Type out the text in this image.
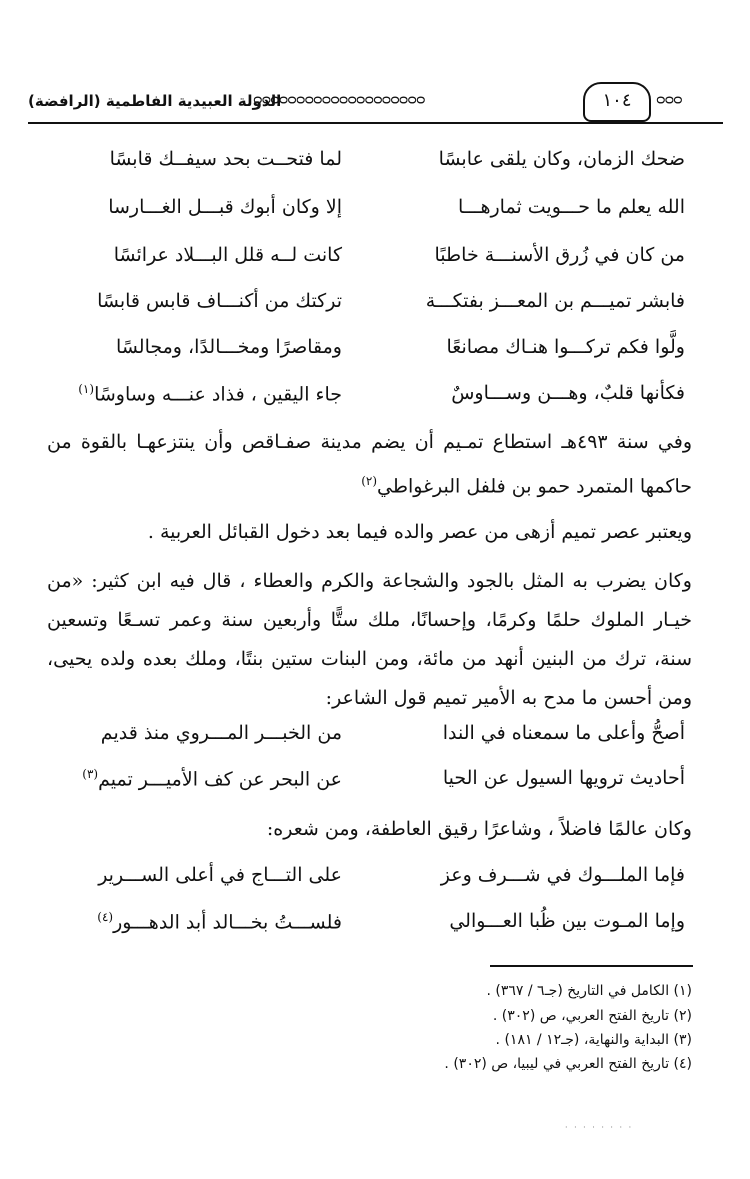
الدولة العبيدية الفاطمية (الرافضة)
ᴑᴑᴑᴑᴑᴑᴑᴑᴑᴑᴑᴑᴑᴑᴑᴑᴑᴑᴑᴑ	١٠٤	ᴑᴑᴑ
ضحك الزمان، وكان يلقى عابسًا
لما فتحــت بحد سيفــك قابسًا
الله يعلم ما حـــويت ثمارهـــا
إلا وكان أبوك قبـــل الغـــارسا
من كان في زُرق الأسنـــة خاطبًا
كانت لــه قلل البـــلاد عرائسًا
فابشر تميـــم بن المعـــز بفتكـــة
تركتك من أكنـــاف قابس قابسًا
ولَّوا فكم تركـــوا هنـاك مصانعًا
ومقاصرًا ومخـــالدًا، ومجالسًا
فكأنها قلبٌ، وهـــن وســـاوسٌ
جاء اليقين ، فذاد عنـــه وساوسًا$^{(١)}$
وفي سنة ٤٩٣هـ استطاع تمـيم أن يضم مدينة صفـاقص وأن ينتزعهـا بالقوة من حاكمها المتمرد حمو بن فلفل البرغواطي$^{(٢)}$
ويعتبر عصر تميم أزهى من عصر والده فيما بعد دخول القبائل العربية .
وكان يضرب به المثل بالجود والشجاعة والكرم والعطاء ، قال فيه ابن كثير: «من خيـار الملوك حلمًا وكرمًا، وإحسانًا، ملك ستًّا وأربعين سنة وعمر تسـعًا وتسعين سنة، ترك من البنين أنهد من مائة، ومن البنات ستين بنتًا، وملك بعده ولده يحيى، ومن أحسن ما مدح به الأمير تميم قول الشاعر:
أصحُّ وأعلى ما سمعناه في الندا
من الخبـــر المـــروي منذ قديم
أحاديث ترويها السيول عن الحيا
عن البحر عن كف الأميـــر تميم$^{(٣)}$
وكان عالمًا فاضلاً ، وشاعرًا رقيق العاطفة، ومن شعره:
فإما الملـــوك في شـــرف وعز
على التـــاج في أعلى الســـرير
وإما المـوت بين ظُبا العـــوالي
فلســـتُ بخـــالد أبد الدهـــور$^{(٤)}$
(١) الكامل في التاريخ (جـ٦ / ٣٦٧) .
(٢) تاريخ الفتح العربي، ص (٣٠٢) .
(٣) البداية والنهاية، (جـ١٢ / ١٨١) .
(٤) تاريخ الفتح العربي في ليبيا، ص (٣٠٢) .
· · · · · · · ·
